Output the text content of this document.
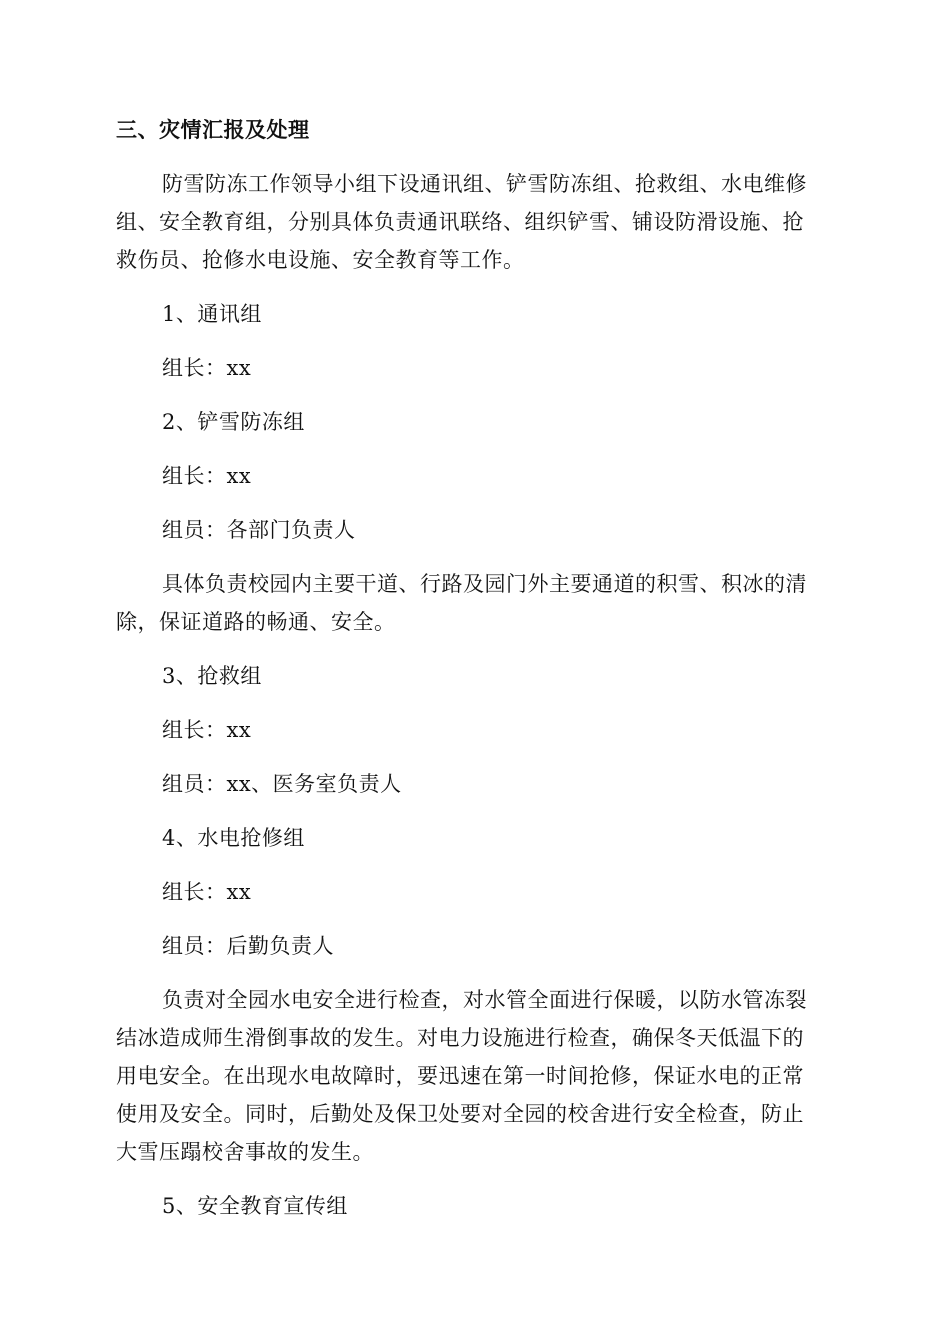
三、灾情汇报及处理
防雪防冻工作领导小组下设通讯组、铲雪防冻组、抢救组、水电维修
组、安全教育组，分别具体负责通讯联络、组织铲雪、铺设防滑设施、抢
救伤员、抢修水电设施、安全教育等工作。
1、通讯组
组长：xx
2、铲雪防冻组
组长：xx
组员：各部门负责人
具体负责校园内主要干道、行路及园门外主要通道的积雪、积冰的清
除，保证道路的畅通、安全。
3、抢救组
组长：xx
组员：xx、医务室负责人
4、水电抢修组
组长：xx
组员：后勤负责人
负责对全园水电安全进行检查，对水管全面进行保暖，以防水管冻裂
结冰造成师生滑倒事故的发生。对电力设施进行检查，确保冬天低温下的
用电安全。在出现水电故障时，要迅速在第一时间抢修，保证水电的正常
使用及安全。同时，后勤处及保卫处要对全园的校舍进行安全检查，防止
大雪压蹋校舍事故的发生。
5、安全教育宣传组
